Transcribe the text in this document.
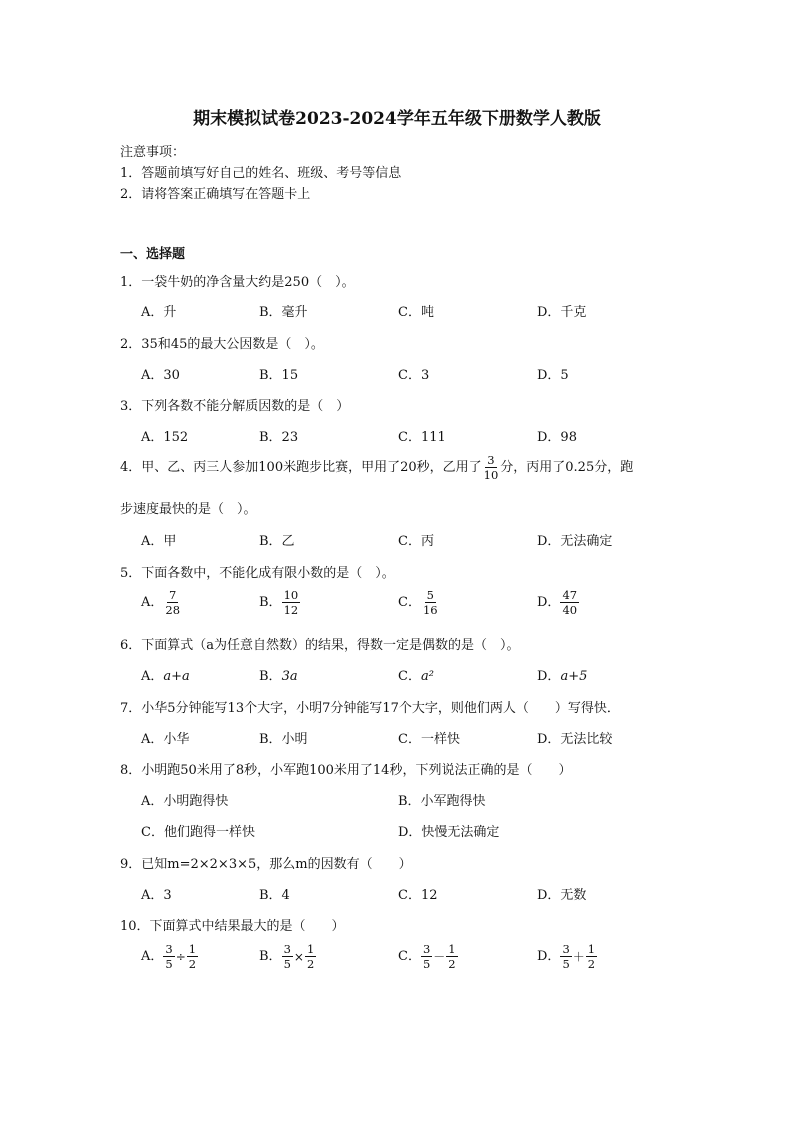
期末模拟试卷2023-2024学年五年级下册数学人教版
注意事项：
1．答题前填写好自己的姓名、班级、考号等信息
2．请将答案正确填写在答题卡上
一、选择题
1．一袋牛奶的净含量大约是250（　）。
A．升	B．毫升	C．吨	D．千克
2．35和45的最大公因数是（　）。
A．30	B．15	C．3	D．5
3．下列各数不能分解质因数的是（　）
A．152	B．23	C．111	D．98
4．甲、乙、丙三人参加100米跑步比赛，甲用了20秒，乙用了 $\frac{3}{10}$ 分，丙用了0.25分，跑
步速度最快的是（　）。
A．甲	B．乙	C．丙	D．无法确定
5．下面各数中，不能化成有限小数的是（　）。
A． $\frac{7}{28}$	B． $\frac{10}{12}$	C． $\frac{5}{16}$	D． $\frac{47}{40}$
6．下面算式（a为任意自然数）的结果，得数一定是偶数的是（　）。
A．a+a	B．3a	C．a²	D．a+5
7．小华5分钟能写13个大字，小明7分钟能写17个大字，则他们两人（　　）写得快．
A．小华	B．小明	C．一样快	D．无法比较
8．小明跑50米用了8秒，小军跑100米用了14秒，下列说法正确的是（　　）
A．小明跑得快	B．小军跑得快
C．他们跑得一样快	D．快慢无法确定
9．已知m=2×2×3×5，那么m的因数有（　　）
A．3	B．4	C．12	D．无数
10．下面算式中结果最大的是（　　）
A． $\frac{3}{5} \div \frac{1}{2}$	B． $\frac{3}{5} \times \frac{1}{2}$	C． $\frac{3}{5} - \frac{1}{2}$	D． $\frac{3}{5} + \frac{1}{2}$
